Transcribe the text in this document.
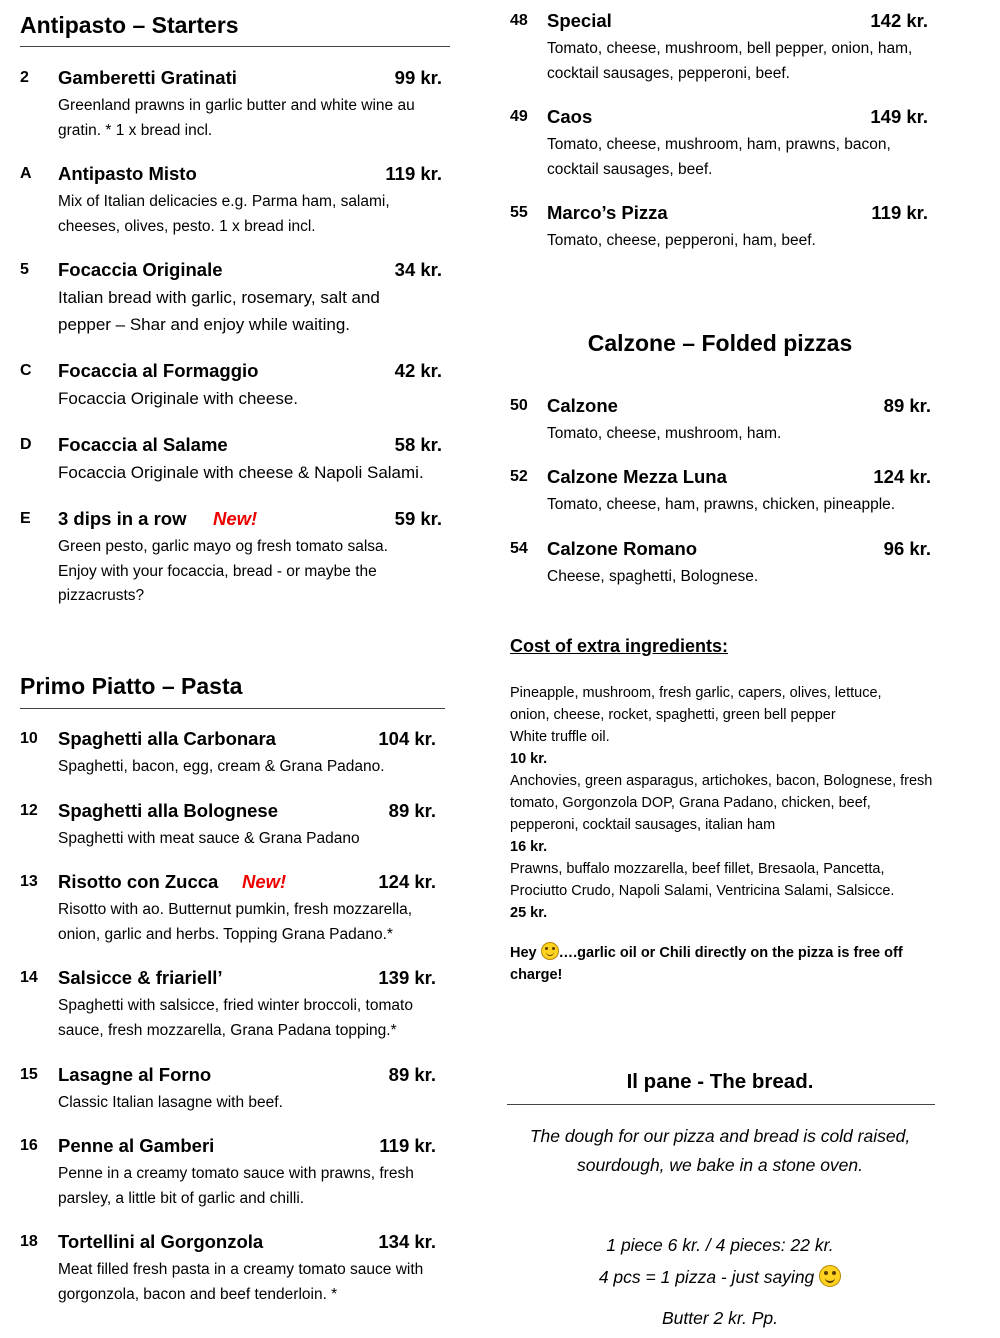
Antipasto – Starters
2 Gamberetti Gratinati	99 kr.
Greenland prawns in garlic butter and white wine au
gratin. * 1 x bread incl.
A Antipasto Misto	119 kr.
Mix of Italian delicacies e.g. Parma ham, salami,
cheeses, olives, pesto. 1 x bread incl.
5 Focaccia Originale	34 kr.
Italian bread with garlic, rosemary, salt and
pepper – Shar and enjoy while waiting.
C Focaccia al Formaggio	42 kr.
Focaccia Originale with cheese.
D Focaccia al Salame	58 kr.
Focaccia Originale with cheese & Napoli Salami.
E 3 dips in a row New!	59 kr.
Green pesto, garlic mayo og fresh tomato salsa.
Enjoy with your focaccia, bread - or maybe the
pizzacrusts?
Primo Piatto – Pasta
10 Spaghetti alla Carbonara	104 kr.
Spaghetti, bacon, egg, cream & Grana Padano.
12 Spaghetti alla Bolognese	89 kr.
Spaghetti with meat sauce & Grana Padano
13 Risotto con Zucca New!	124 kr.
Risotto with ao. Butternut pumkin, fresh mozzarella,
onion, garlic and herbs. Topping Grana Padano.*
14 Salsicce & friariell’	139 kr.
Spaghetti with salsicce, fried winter broccoli, tomato
sauce, fresh mozzarella, Grana Padana topping.*
15 Lasagne al Forno	89 kr.
Classic Italian lasagne with beef.
16 Penne al Gamberi	119 kr.
Penne in a creamy tomato sauce with prawns, fresh
parsley, a little bit of garlic and chilli.
18 Tortellini al Gorgonzola	134 kr.
Meat filled fresh pasta in a creamy tomato sauce with
gorgonzola, bacon and beef tenderloin. *
48 Special	142 kr.
Tomato, cheese, mushroom, bell pepper, onion, ham,
cocktail sausages, pepperoni, beef.
49 Caos	149 kr.
Tomato, cheese, mushroom, ham, prawns, bacon,
cocktail sausages, beef.
55 Marco’s Pizza	119 kr.
Tomato, cheese, pepperoni, ham, beef.
Calzone – Folded pizzas
50 Calzone	89 kr.
Tomato, cheese, mushroom, ham.
52 Calzone Mezza Luna	124 kr.
Tomato, cheese, ham, prawns, chicken, pineapple.
54 Calzone Romano	96 kr.
Cheese, spaghetti, Bolognese.
Cost of extra ingredients:
Pineapple, mushroom, fresh garlic, capers, olives, lettuce,
onion, cheese, rocket, spaghetti, green bell pepper
White truffle oil.
10 kr.
Anchovies, green asparagus, artichokes, bacon, Bolognese, fresh
tomato, Gorgonzola DOP, Grana Padano, chicken, beef,
pepperoni, cocktail sausages, italian ham
16 kr.
Prawns, buffalo mozzarella, beef fillet, Bresaola, Pancetta,
Prociutto Crudo, Napoli Salami, Ventricina Salami, Salsicce.
25 kr.
Hey ….garlic oil or Chili directly on the pizza is free off
charge!
Il pane - The bread.
The dough for our pizza and bread is cold raised,
sourdough, we bake in a stone oven.
1 piece 6 kr. / 4 pieces: 22 kr.
4 pcs = 1 pizza - just saying
Butter 2 kr. Pp.
